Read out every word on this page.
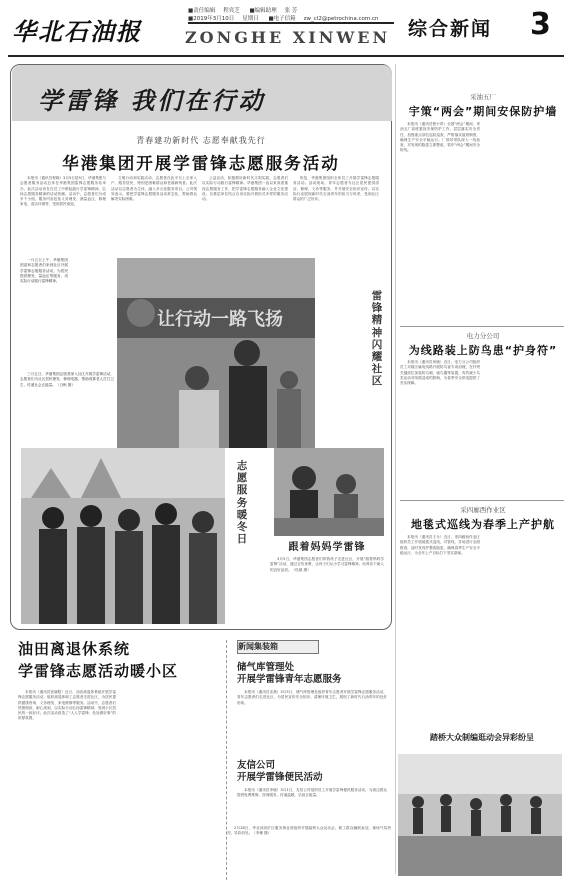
华北石油报
■责任编辑 程宾芝 ■编辑助理 张 芳
■2019年3月10日 星期日 ■电子信箱 zw_cl2@petrochina.com.cn
ZONGHE XINWEN 综合新闻 3
学雷锋 我们在行动
青春建功新时代 志愿奉献我先行
华港集团开展学雷锋志愿服务活动

本报讯（通讯员程晓）3月5日是5日，华港集团与志愿者服务活动总体在华港集团雷锋志愿服务站举办，此次活动旨在在员工中掀起践行学雷锋精神、弘扬志愿服务精神的活动热潮。活动中，志愿者们分成多个小组，服务内容包括义务理发、测量血压、修理家电、清洁环境等，受到居民欢迎。

文明行动和实践活动，志愿者在此平台上走家入户、服务居民，特别是困难群众和老弱病残者。此次活动以志愿者为主体，融入多元化服务项目。公司领导表示，要把学雷锋志愿服务活动常态化，帮助群众解决实际困难。

公益活动，积极做好新时代文明实践，志愿者们以实际行动践行雷锋精神。华港集团一直以来高度重视志愿服务工作，把学雷锋志愿服务融入企业文化建设，各基层单位结合自身实际开展形式多样的服务活动。

恢复，华港集团组织全体员工开展学雷锋志愿服务活动。活动现场，青年志愿者为社区居民提供清洁、修理、义诊等服务，并开展安全知识宣传。以实际行动展现新时代石油青年的担当与风采，受到社区群众的广泛好评。

一月五日上午，华港集团团委和志愿者们来到社区开展学雷锋志愿服务活动，为居民提供理发、量血压等服务，用实际行动践行雷锋精神。

三月五日，华港集团志愿者深入社区开展学雷锋活动，志愿者们为社区居民理发、修理电器，帮助孤寡老人打扫卫生，传递社会正能量。（白帆 摄）

让行动一路飞扬
雷
锋
精
神
闪
耀
社
区
志
愿
服
务
暖
冬
日
跟着妈妈学雷锋

3月5日，华港集团志愿者们带着孩子走进社区，开展“跟着妈妈学雷锋”活动，通过言传身教，让孩子们从小学习雷锋精神，培养乐于助人的良好品质。（杜颖 摄）

油田离退休系统
学雷锋志愿活动暖小区

本报讯（通讯员张晓阳）近日，油田离退休系统开展学雷锋志愿服务活动，组织离退休职工志愿者走进社区，为居民提供健康咨询、义务理发、家电维修等服务。活动中，志愿者们热情细致，耐心周到，以实际行动弘扬雷锋精神，受到小区居民的一致好评。此次活动营造了“人人学雷锋、处处做好事”的浓厚氛围。

新闻集装箱
储气库管理处
开展学雷锋青年志愿服务

本报讯（通讯员宋燕）3月5日，储气库管理处组织青年志愿者开展学雷锋志愿服务活动，青年志愿者们走进社区，为居民宣传安全知识、清理环境卫生，展现了新时代石油青年的良好形象。

友信公司
开展学雷锋便民活动

本报讯（通讯员李晓）3月1日，友信公司组织员工开展学雷锋便民服务活动，为周边群众提供免费维修、咨询服务，传递温暖，弘扬正能量。

采油五厂
宇策“两会”期间安保防护墙

本报讯（通讯员程小青）全国“两会”期间，采油五厂高度重视安保防护工作，层层落实安全责任，加强重点部位巡检巡查，严格落实值班制度，确保生产安全平稳运行。厂领导带队深入一线检查，对发现的隐患立即整改，筑牢“两会”期间安全防线。

电力分公司
为线路装上防鸟患“护身符”

本报讯（通讯员何晓）近日，电力分公司组织员工对辖区输电线路开展防鸟害专项治理，在杆塔关键部位加装防鸟刺、驱鸟器等装置，有效减少鸟类活动对线路造成的影响，为春季安全供电提供了坚实保障。

采四廊西作业区
地毯式巡线为春季上产护航

本报讯（通讯员王永）近日，采四廊西作业区组织员工开展地毯式巡线，对管线、井场进行全面排查，及时发现并整改隐患，确保春季生产安全平稳运行，为全年上产目标打下坚实基础。

踏桥大众制编逛动会异彩纷呈

2月28日，华北油田矿区服务事业部组织开展踏桥大众运动会，职工群众踊跃参加，赛场气氛热烈，异彩纷呈。（李珊 摄）
